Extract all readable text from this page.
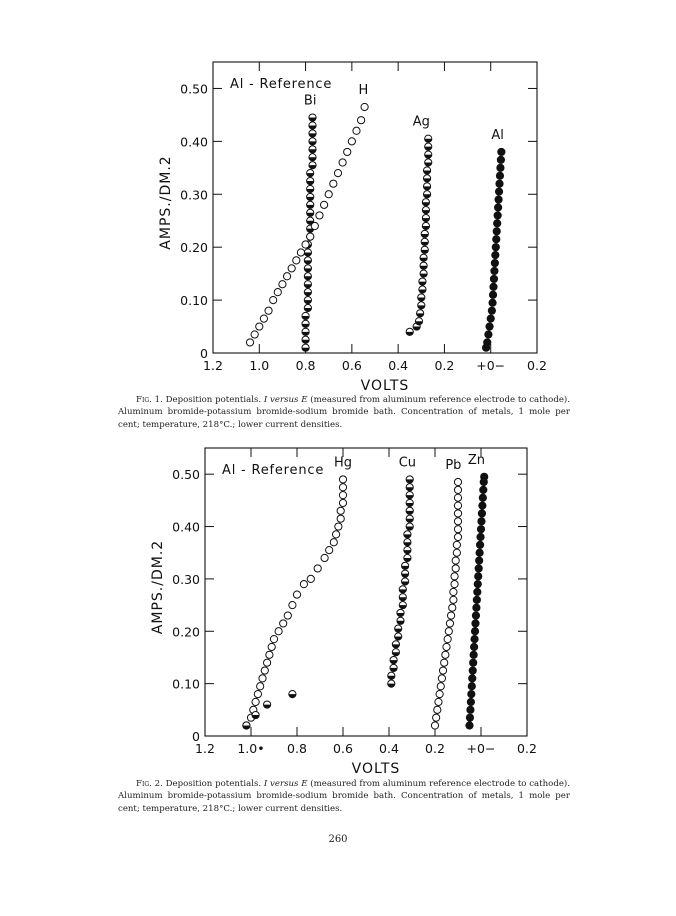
1.2 1.0 0.8 0.6 0.4 0.2 +0− 0.2
0
0.10
0.20
0.30
0.40
0.50
VOLTS
AMPS./DM.2
Al - Reference
Bi
H
Ag
Al
Fig. 1. Deposition potentials. I versus E (measured from aluminum reference electrode to cathode). Aluminum bromide-potassium bromide-sodium bromide bath. Concentration of metals, 1 mole per cent; temperature, 218°C.; lower current densities.
1.2 1.0• 0.8 0.6 0.4 0.2 +0− 0.2
0
0.10
0.20
0.30
0.40
0.50
VOLTS
AMPS./DM.2
Al - Reference
Hg	Cu Pb Zn
Fig. 2. Deposition potentials. I versus E (measured from aluminum reference electrode to cathode). Aluminum bromide-potassium bromide-sodium bromide bath. Concentration of metals, 1 mole per cent; temperature, 218°C.; lower current densities.
260
